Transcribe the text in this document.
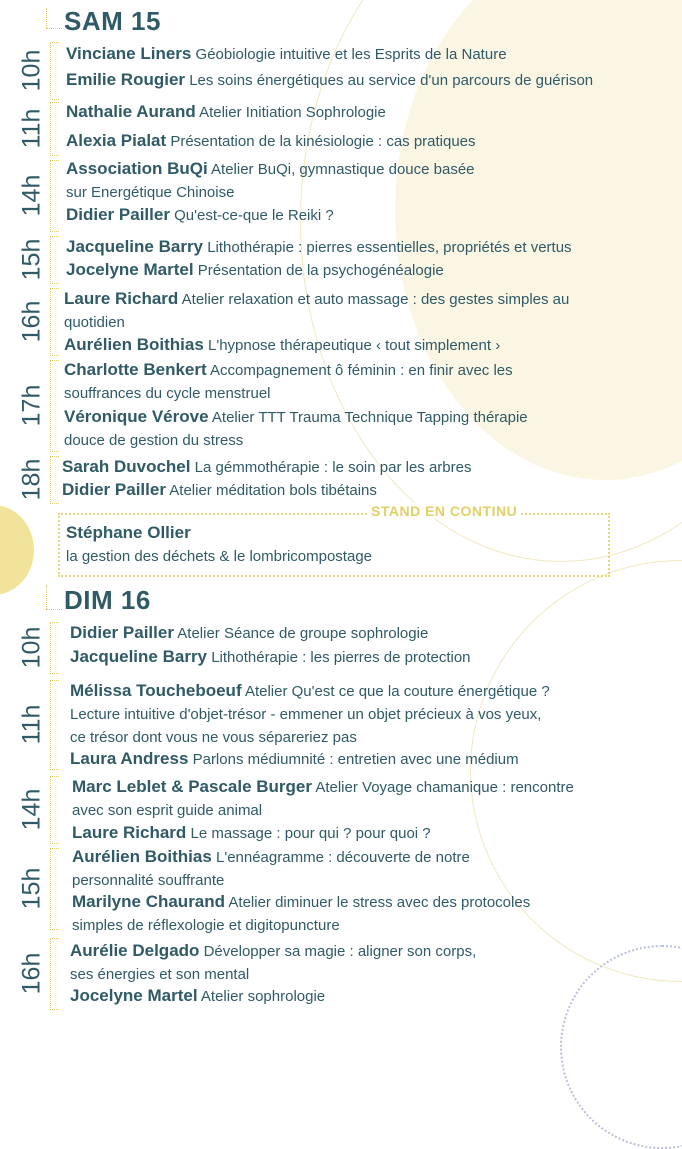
SAM 15
10h
11h
14h
15h
16h
17h
18h
Vinciane Liners Géobiologie intuitive et les Esprits de la Nature
Emilie Rougier Les soins énergétiques au service d'un parcours de guérison
Nathalie Aurand Atelier Initiation Sophrologie
Alexia Pialat Présentation de la kinésiologie : cas pratiques
Association BuQi Atelier BuQi, gymnastique douce basée
sur Energétique Chinoise
Didier Pailler Qu'est-ce-que le Reiki ?
Jacqueline Barry Lithothérapie : pierres essentielles, propriétés et vertus
Jocelyne Martel Présentation de la psychogénéalogie
Laure Richard Atelier relaxation et auto massage : des gestes simples au
quotidien
Aurélien Boithias L'hypnose thérapeutique ‹ tout simplement ›
Charlotte Benkert Accompagnement ô féminin : en finir avec les
souffrances du cycle menstruel
Véronique Vérove Atelier TTT Trauma Technique Tapping thérapie
douce de gestion du stress
Sarah Duvochel La gémmothérapie : le soin par les arbres
Didier Pailler Atelier méditation bols tibétains
STAND EN CONTINU
Stéphane Ollier
la gestion des déchets & le lombricompostage
DIM 16
10h
11h
14h
15h
16h
Didier Pailler Atelier Séance de groupe sophrologie
Jacqueline Barry Lithothérapie : les pierres de protection
Mélissa Toucheboeuf Atelier Qu'est ce que la couture énergétique ?
Lecture intuitive d'objet-trésor - emmener un objet précieux à vos yeux,
ce trésor dont vous ne vous sépareriez pas
Laura Andress Parlons médiumnité : entretien avec une médium
Marc Leblet & Pascale Burger Atelier Voyage chamanique : rencontre
avec son esprit guide animal
Laure Richard Le massage : pour qui ? pour quoi ?
Aurélien Boithias L'ennéagramme : découverte de notre
personnalité souffrante
Marilyne Chaurand Atelier diminuer le stress avec des protocoles
simples de réflexologie et digitopuncture
Aurélie Delgado Développer sa magie : aligner son corps,
ses énergies et son mental
Jocelyne Martel Atelier sophrologie
